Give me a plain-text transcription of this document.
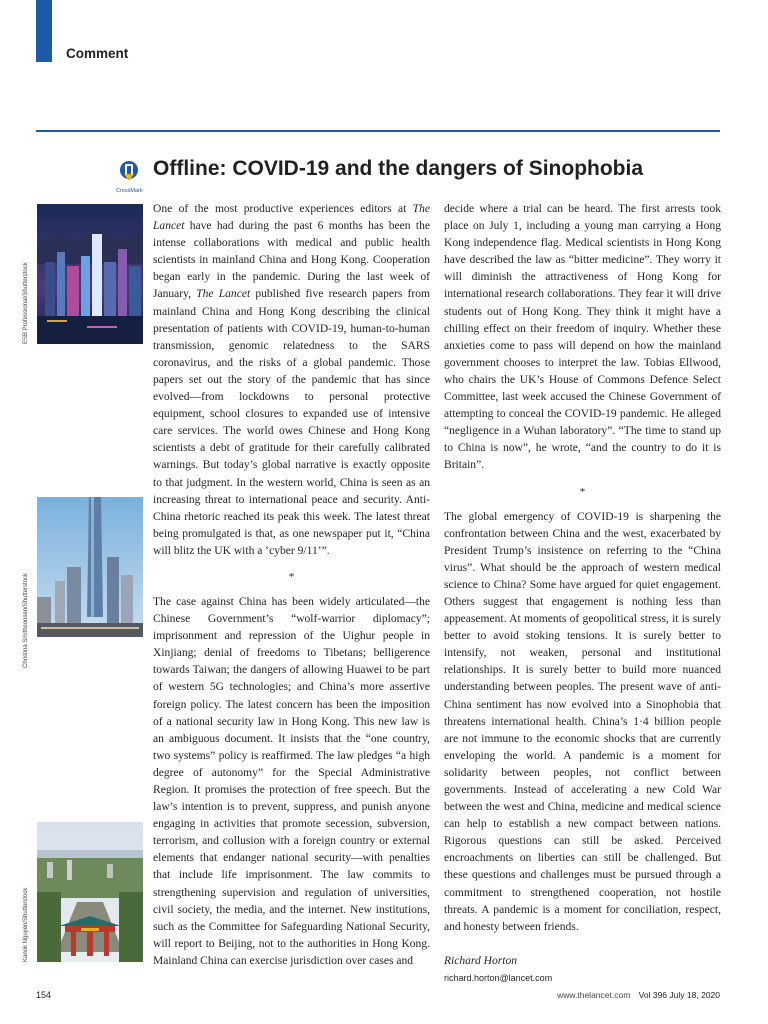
Comment
CrossMark
Offline: COVID-19 and the dangers of Sinophobia
ESB Professional/Shutterstock
Christina Smithsonsen/Shutterstock
Kanok Nguyen/Shutterstock

One of the most productive experiences editors at The Lancet have had during the past 6 months has been the intense collaborations with medical and public health scientists in mainland China and Hong Kong. Cooperation began early in the pandemic. During the last week of January, The Lancet published five research papers from mainland China and Hong Kong describing the clinical presentation of patients with COVID-19, human-to-human transmission, genomic relatedness to the SARS coronavirus, and the risks of a global pandemic. Those papers set out the story of the pandemic that has since evolved—from lockdowns to personal protective equipment, school closures to expanded use of intensive care services. The world owes Chinese and Hong Kong scientists a debt of gratitude for their carefully calibrated warnings. But today’s global narrative is exactly opposite to that judgment. In the western world, China is seen as an increasing threat to international peace and security. Anti-China rhetoric reached its peak this week. The latest threat being promulgated is that, as one newspaper put it, “China will blitz the UK with a ‘cyber 9/11’”.

*

The case against China has been widely articulated—the Chinese Government’s “wolf-warrior diplomacy”; imprisonment and repression of the Uighur people in Xinjiang; denial of freedoms to Tibetans; belligerence towards Taiwan; the dangers of allowing Huawei to be part of western 5G technologies; and China’s more assertive foreign policy. The latest concern has been the imposition of a national security law in Hong Kong. This new law is an ambiguous document. It insists that the “one country, two systems” policy is reaffirmed. The law pledges “a high degree of autonomy” for the Special Administrative Region. It promises the protection of free speech. But the law’s intention is to prevent, suppress, and punish anyone engaging in activities that promote secession, subversion, terrorism, and collusion with a foreign country or external elements that endanger national security—with penalties that include life imprisonment. The law commits to strengthening supervision and regulation of universities, civil society, the media, and the internet. New institutions, such as the Committee for Safeguarding National Security, will report to Beijing, not to the authorities in Hong Kong. Mainland China can exercise jurisdiction over cases and

decide where a trial can be heard. The first arrests took place on July 1, including a young man carrying a Hong Kong independence flag. Medical scientists in Hong Kong have described the law as “bitter medicine”. They worry it will diminish the attractiveness of Hong Kong for international research collaborations. They fear it will drive students out of Hong Kong. They think it might have a chilling effect on their freedom of inquiry. Whether these anxieties come to pass will depend on how the mainland government chooses to interpret the law. Tobias Ellwood, who chairs the UK’s House of Commons Defence Select Committee, last week accused the Chinese Government of attempting to conceal the COVID-19 pandemic. He alleged “negligence in a Wuhan laboratory”. “The time to stand up to China is now”, he wrote, “and the country to do it is Britain”.

*

The global emergency of COVID-19 is sharpening the confrontation between China and the west, exacerbated by President Trump’s insistence on referring to the “China virus”. What should be the approach of western medical science to China? Some have argued for quiet engagement. Others suggest that engagement is nothing less than appeasement. At moments of geopolitical stress, it is surely better to avoid stoking tensions. It is surely better to intensify, not weaken, personal and institutional relationships. It is surely better to build more nuanced understanding between peoples. The present wave of anti-China sentiment has now evolved into a Sinophobia that threatens international health. China’s 1·4 billion people are not immune to the economic shocks that are currently enveloping the world. A pandemic is a moment for solidarity between peoples, not conflict between governments. Instead of accelerating a new Cold War between the west and China, medicine and medical science can help to establish a new compact between nations. Rigorous questions can still be asked. Perceived encroachments on liberties can still be challenged. But these questions and challenges must be pursued through a commitment to strengthened cooperation, not hostile threats. A pandemic is a moment for conciliation, respect, and honesty between friends.

Richard Horton
richard.horton@lancet.com
154	www.thelancet.com Vol 396 July 18, 2020
